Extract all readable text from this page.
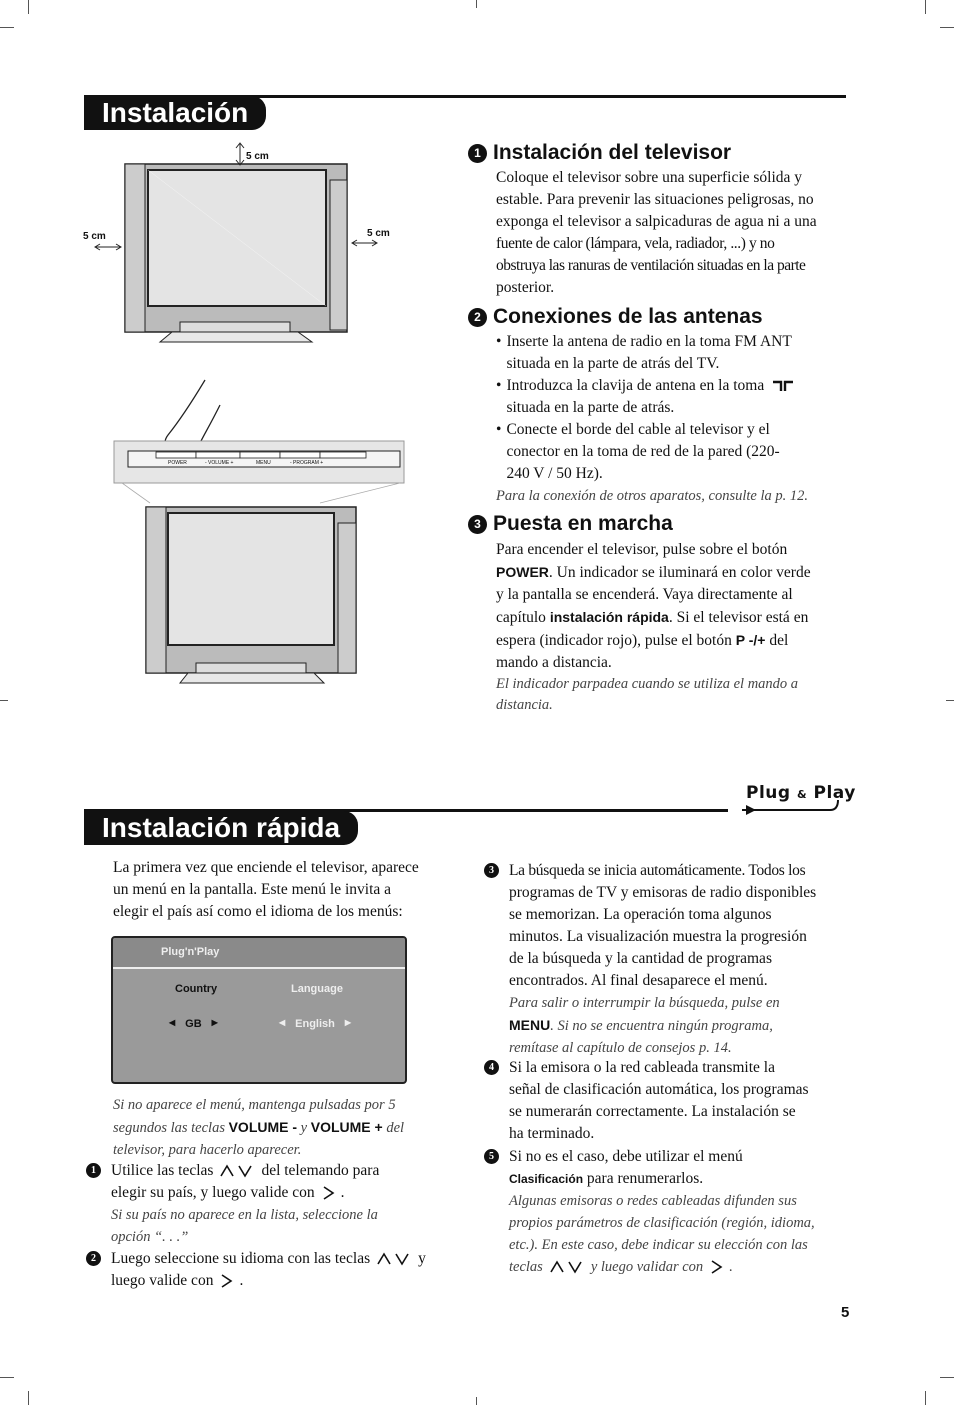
Instalación
5 cm
5 cm	5 cm
POWER	- VOLUME +	MENU	- PROGRAM +
1 Instalación del televisor
Coloque el televisor sobre una superficie sólida y
estable. Para prevenir las situaciones peligrosas, no
exponga el televisor a salpicaduras de agua ni a una
fuente de calor (lámpara, vela, radiador, ...) y no
obstruya las ranuras de ventilación situadas en la parte
posterior.
2 Conexiones de las antenas
• Inserte la antena de radio en la toma FM ANT
situada en la parte de atrás del TV.
• Introduzca la clavija de antena en la toma
situada en la parte de atrás.
• Conecte el borde del cable al televisor y el
conector en la toma de red de la pared (220-
240 V / 50 Hz).
Para la conexión de otros aparatos, consulte la p. 12.
3 Puesta en marcha
Para encender el televisor, pulse sobre el botón
POWER. Un indicador se iluminará en color verde
y la pantalla se encenderá. Vaya directamente al
capítulo instalación rápida. Si el televisor está en
espera (indicador rojo), pulse el botón P -/+ del
mando a distancia.
El indicador parpadea cuando se utiliza el mando a
distancia.
Instalación rápida
Plug & Play
La primera vez que enciende el televisor, aparece
un menú en la pantalla. Este menú le invita a
elegir el país así como el idioma de los menús:
Plug'n'Play
Country	Language
◀ GB ▶	◀ English ▶
Si no aparece el menú, mantenga pulsadas por 5
segundos las teclas VOLUME - y VOLUME + del
televisor, para hacerlo aparecer.
1 Utilice las teclas	del telemando para
elegir su país, y luego valide con .
Si su país no aparece en la lista, seleccione la
opción “. . .”
2 Luego seleccione su idioma con las teclas	y
luego valide con .
3 La búsqueda se inicia automáticamente. Todos los
programas de TV y emisoras de radio disponibles
se memorizan. La operación toma algunos
minutos. La visualización muestra la progresión
de la búsqueda y la cantidad de programas
encontrados. Al final desaparece el menú.
Para salir o interrumpir la búsqueda, pulse en
MENU. Si no se encuentra ningún programa,
remítase al capítulo de consejos p. 14.
4 Si la emisora o la red cableada transmite la
señal de clasificación automática, los programas
se numerarán correctamente. La instalación se
ha terminado.
5 Si no es el caso, debe utilizar el menú
Clasificación para renumerarlos.
Algunas emisoras o redes cableadas difunden sus
propios parámetros de clasificación (región, idioma,
etc.). En este caso, debe indicar su elección con las
teclas	y luego validar con .
5
